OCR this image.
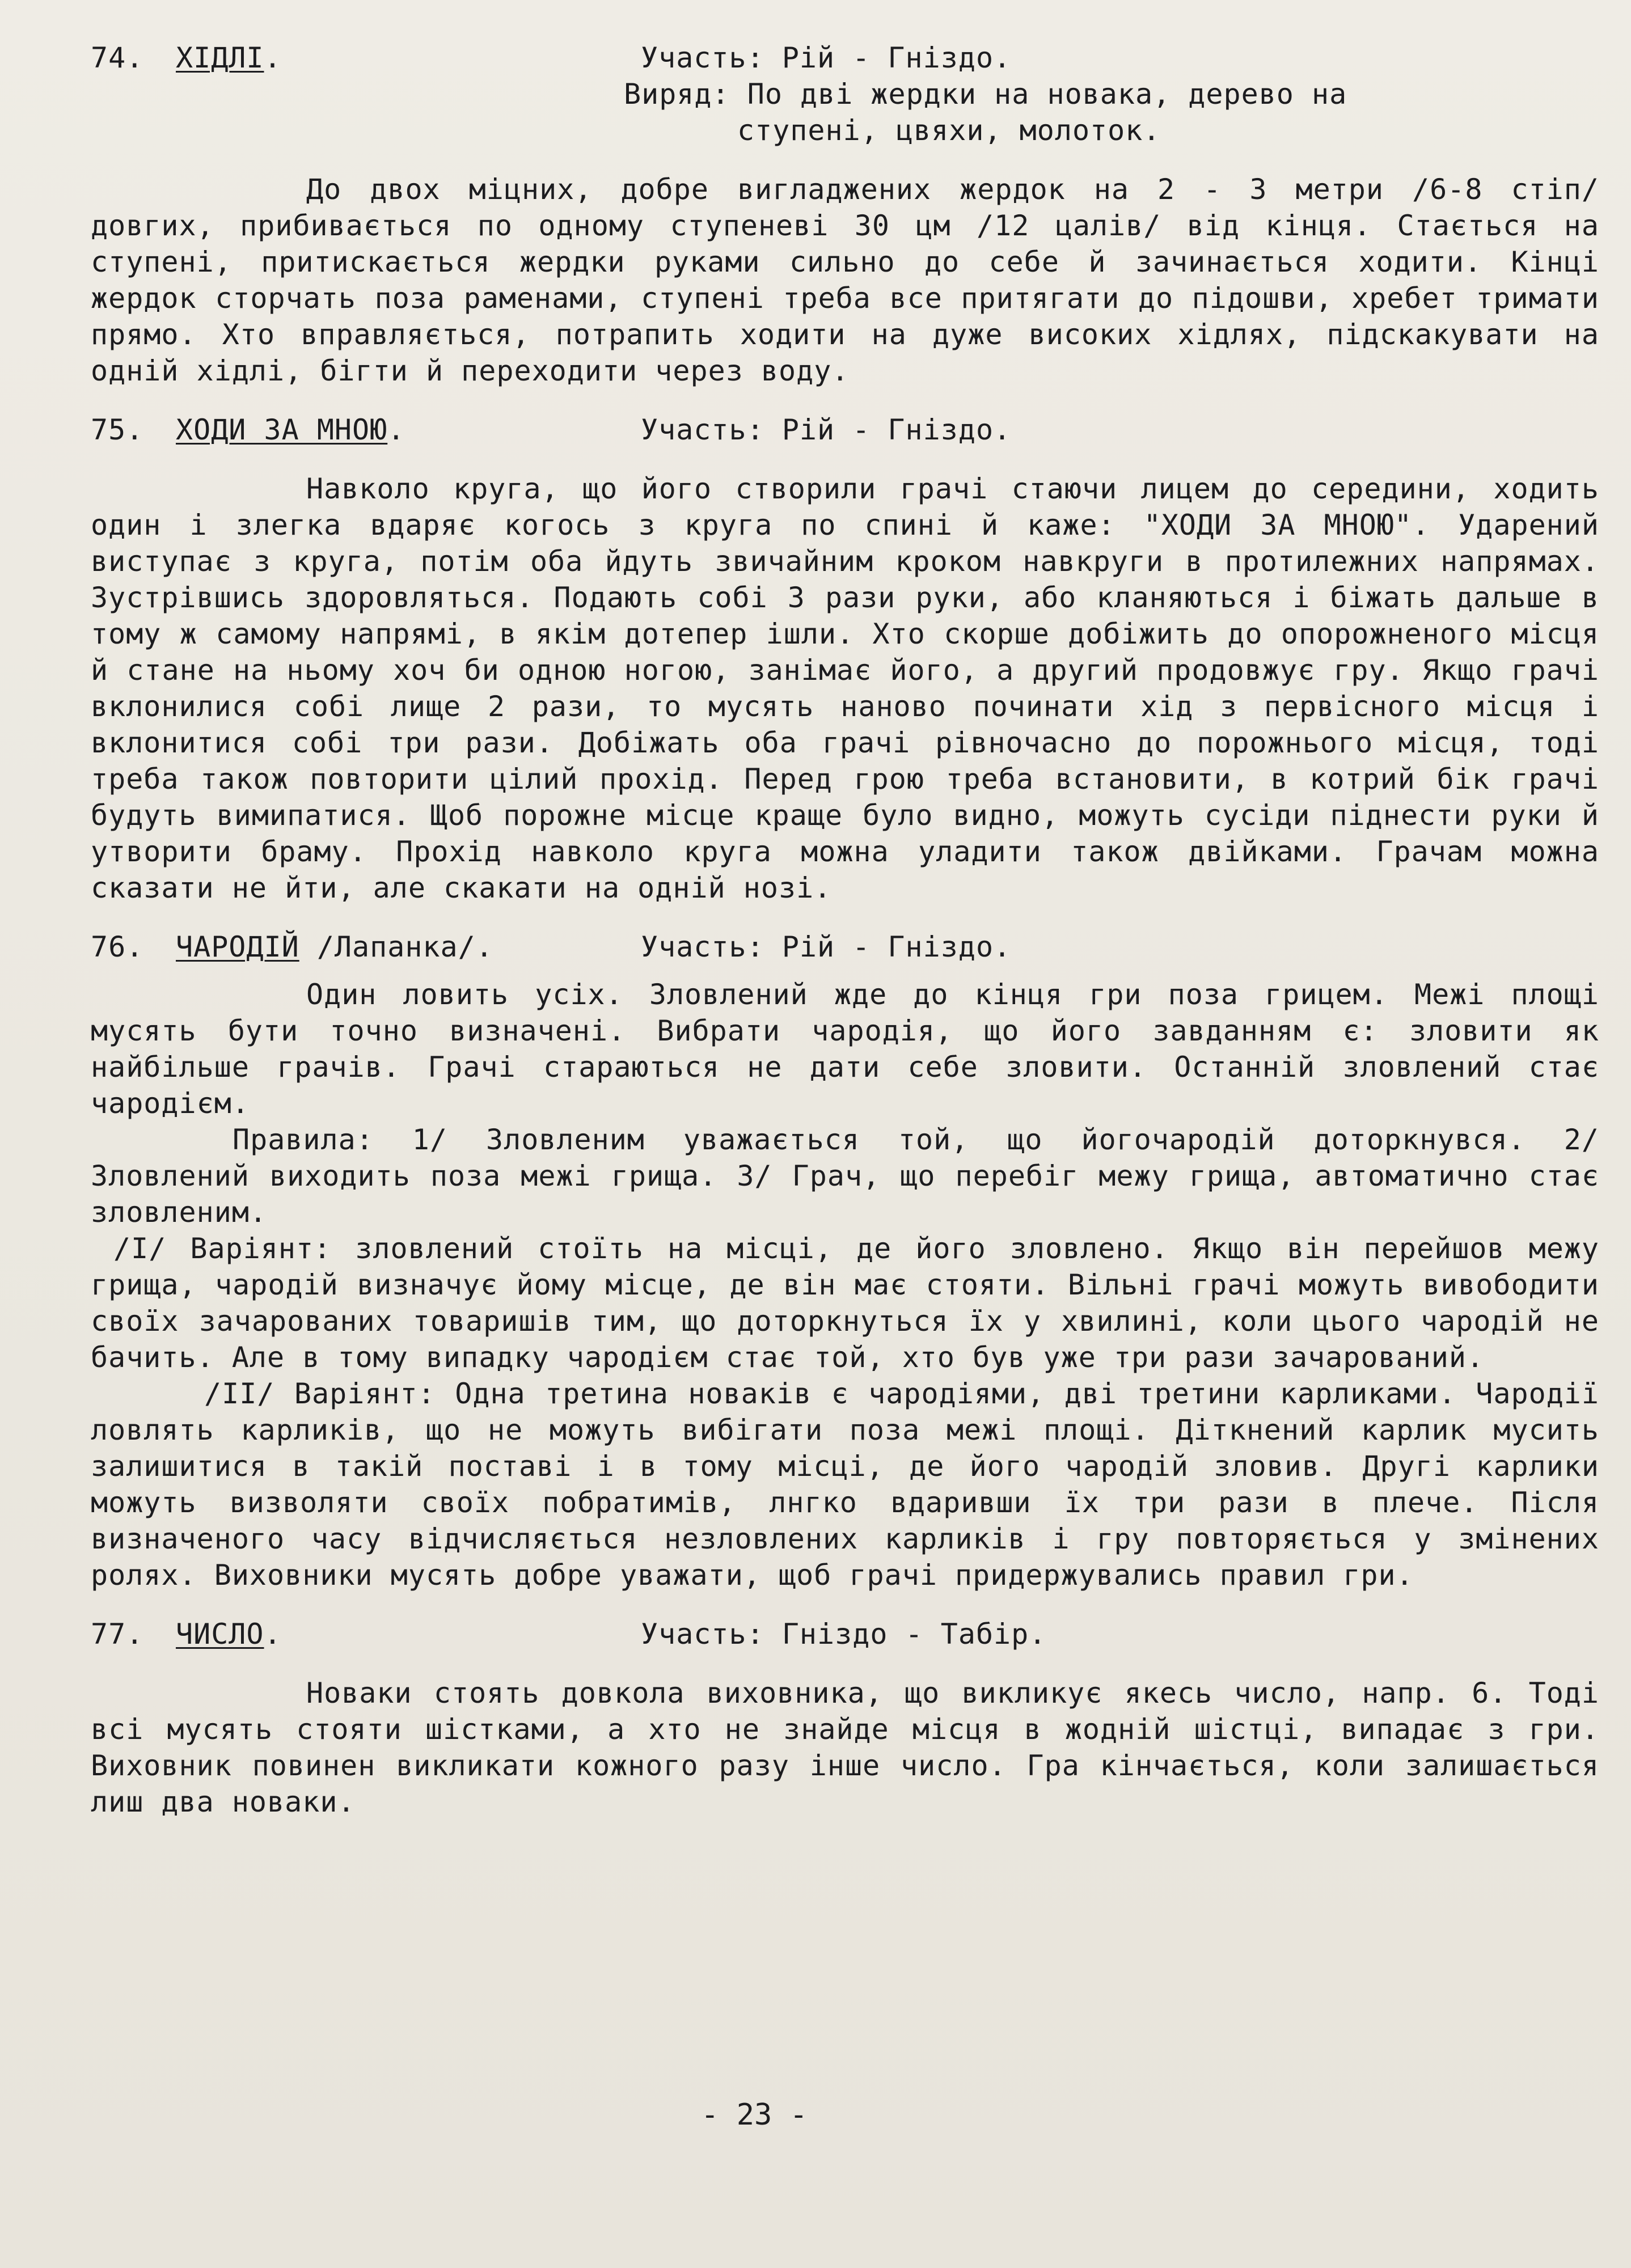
74. ХІДЛІ.	Участь: Рій - Гніздо.
Виряд: По дві жердки на новака, дерево на
ступені, цвяхи, молоток.

До двох міцних, добре вигладжених жердок на 2 - 3 метри /6-8 стіп/ довгих, прибивається по одному ступеневі 30 цм /12 цалів/ від кінця. Стається на ступені, притискається жердки руками сильно до себе й зачинається ходити. Кінці жердок сторчать поза раменами, ступені треба все притягати до підошви, хребет тримати прямо. Хто вправляється, потрапить ходити на дуже високих хідлях, підскакувати на одній хідлі, бігти й переходити через воду.

75. ХОДИ ЗА МНОЮ.	Участь: Рій - Гніздо.

Навколо круга, що його створили грачі стаючи лицем до середини, ходить один і злегка вдаряє когось з круга по спині й каже: "ХОДИ ЗА МНОЮ". Ударений виступає з круга, потім оба йдуть звичайним кроком навкруги в протилежних напрямах. Зустрівшись здоровляться. Подають собі 3 рази руки, або кланяються і біжать дальше в тому ж самому напрямі, в якім дотепер ішли. Хто скорше добіжить до опорожненого місця й стане на ньому хоч би одною ногою, занімає його, а другий продовжує гру. Якщо грачі вклонилися собі лище 2 рази, то мусять наново починати хід з первісного місця і вклонитися собі три рази. Добіжать оба грачі рівночасно до порожнього місця, тоді треба також повторити цілий прохід. Перед грою треба встановити, в котрий бік грачі будуть вимипатися. Щоб порожне місце краще було видно, можуть сусіди піднести руки й утворити браму. Прохід навколо круга можна уладити також двійками. Грачам можна сказати не йти, але скакати на одній нозі.

76. ЧАРОДІЙ /Лапанка/.	Участь: Рій - Гніздо.

Один ловить усіх. Зловлений жде до кінця гри поза грицем. Межі площі мусять бути точно визначені. Вибрати чародія, що його завданням є: зловити як найбільше грачів. Грачі стараються не дати себе зловити. Останній зловлений стає чародієм.

Правила: 1/ Зловленим уважається той, що йогочародій доторкнувся. 2/ Зловлений виходить поза межі грища. 3/ Грач, що перебіг межу грища, автоматично стає зловленим.

/I/ Варіянт: зловлений стоїть на місці, де його зловлено. Якщо він перейшов межу грища, чародій визначує йому місце, де він має стояти. Вільні грачі можуть вивободити своїх зачарованих товаришів тим, що доторкнуться їх у хвилині, коли цього чародій не бачить. Але в тому випадку чародієм стає той, хто був уже три рази зачарований.

/II/ Варіянт: Одна третина новаків є чародіями, дві третини карликами. Чародії ловлять карликів, що не можуть вибігати поза межі площі. Діткнений карлик мусить залишитися в такій поставі і в тому місці, де його чародій зловив. Другі карлики можуть визволяти своїх побратимів, лнгко вдаривши їх три рази в плече. Після визначеного часу відчисляється незловлених карликів і гру повторяється у змінених ролях. Виховники мусять добре уважати, щоб грачі придержувались правил гри.

77. ЧИСЛО.	Участь: Гніздо - Табір.

Новаки стоять довкола виховника, що викликує якесь число, напр. 6. Тоді всі мусять стояти шістками, а хто не знайде місця в жодній шістці, випадає з гри. Виховник повинен викликати кожного разу інше число. Гра кінчається, коли залишається лиш два новаки.

- 23 -
